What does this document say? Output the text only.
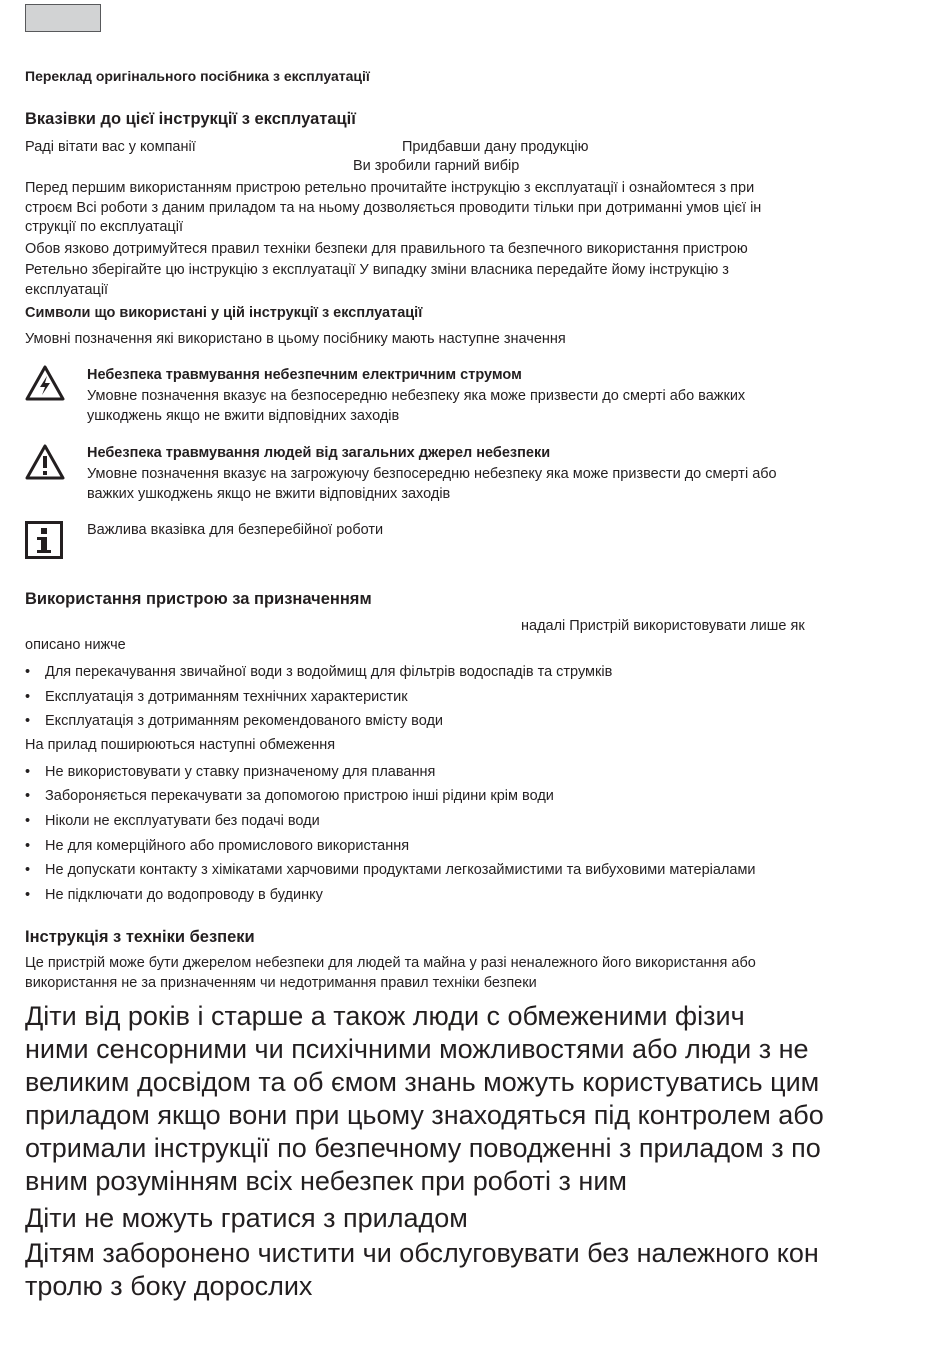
Переклад оригінального посібника з експлуатації
Вказівки до цієї інструкції з експлуатації
Раді вітати вас у компанії	Придбавши дану продукцію
Ви зробили гарний вибір
Перед першим використанням пристрою ретельно прочитайте інструкцію з експлуатації і ознайомтеся з при
строєм Всі роботи з даним приладом та на ньому дозволяється проводити тільки при дотриманні умов цієї ін
струкції по експлуатації
Обов язково дотримуйтеся правил техніки безпеки для правильного та безпечного використання пристрою
Ретельно зберігайте цю інструкцію з експлуатації У випадку зміни власника передайте йому інструкцію з
експлуатації
Символи що використані у цій інструкції з експлуатації
Умовні позначення які використано в цьому посібнику мають наступне значення
Небезпека травмування небезпечним електричним струмом
Умовне позначення вказує на безпосередню небезпеку яка може призвести до смерті або важких
ушкоджень якщо не вжити відповідних заходів
Небезпека травмування людей від загальних джерел небезпеки
Умовне позначення вказує на загрожуючу безпосередню небезпеку яка може призвести до смерті або
важких ушкоджень якщо не вжити відповідних заходів
Важлива вказівка для безперебійної роботи
Використання пристрою за призначенням
надалі Пристрій використовувати лише як
описано нижче
• Для перекачування звичайної води з водоймищ для фільтрів водоспадів та струмків
• Експлуатація з дотриманням технічних характеристик
• Експлуатація з дотриманням рекомендованого вмісту води
На прилад поширюються наступні обмеження
• Не використовувати у ставку призначеному для плавання
• Забороняється перекачувати за допомогою пристрою інші рідини крім води
• Ніколи не експлуатувати без подачі води
• Не для комерційного або промислового використання
• Не допускати контакту з хімікатами харчовими продуктами легкозаймистими та вибуховими матеріалами
• Не підключати до водопроводу в будинку
Інструкція з техніки безпеки
Це пристрій може бути джерелом небезпеки для людей та майна у разі неналежного його використання або
використання не за призначенням чи недотримання правил техніки безпеки
Діти від років і старше а також люди с обмеженими фізич
ними сенсорними чи психічними можливостями або люди з не
великим досвідом та об ємом знань можуть користуватись цим
приладом якщо вони при цьому знаходяться під контролем або
отримали інструкції по безпечному поводженні з приладом з по
вним розумінням всіх небезпек при роботі з ним
Діти не можуть гратися з приладом
Дітям заборонено чистити чи обслуговувати без належного кон
тролю з боку дорослих
